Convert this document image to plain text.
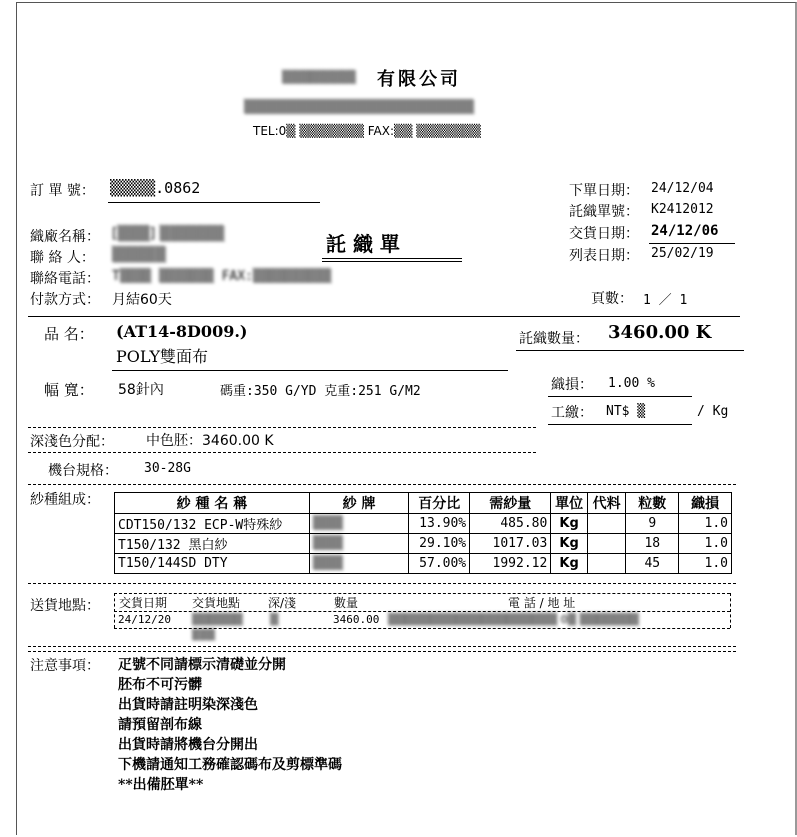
▒▒▒▒▒▒▒▒ 有限公司
▒▒▒▒▒▒▒▒▒▒▒▒▒▒▒▒▒▒▒▒▒▒▒
TEL:0▒ ▒▒▒▒▒▒▒ FAX:▒▒ ▒▒▒▒▒▒▒
訂 單 號： ▒▒▒▒▒.0862
織廠名稱： [▒▒▒] ▒▒▒▒▒▒
聯 絡 人： ▒▒▒▒▒
聯絡電話： T▒▒▒▒ ▒▒▒▒▒▒▒ FAX:▒▒▒▒▒▒▒▒▒▒
付款方式： 月結60天
託 織 單
下單日期： 24/12/04
託織單號： K2412012
交貨日期： 24/12/06
列表日期： 25/02/19
頁數： 1 ／ 1
品 名： (AT14-8D009.)
POLY雙面布
託織數量： 3460.00 K
幅 寬： 58針內	碼重:350 G/YD 克重:251 G/M2	織損： 1.00 %
工繳： NT$ ▒	/ Kg
深淺色分配： 中色胚：3460.00 K
機台規格： 30-28G
紗種組成：	紗 種 名 稱	紗 牌	百分比	需紗量	單位	代料	粒數	織損
CDT150/132 ECP-W特殊紗	▒▒▒	13.90%	485.80	Kg		9	1.0
T150/132 黑白紗	▒▒▒	29.10%	1017.03	Kg		18	1.0
T150/144SD DTY	▒▒▒	57.00%	1992.12	Kg		45	1.0
送貨地點： 交貨日期 交貨地點 深/淺	數量	電 話 / 地 址
24/12/20 ▒▒▒▒▒▒ ▒	3460.00 ▒▒▒▒▒▒▒▒▒▒▒▒▒▒▒▒▒▒▒▒ 0▒ ▒▒▒▒▒▒▒
▒▒▒
注意事項： 疋號不同請標示清礎並分開
胚布不可污髒
出貨時請註明染深淺色
請預留剖布線
出貨時請將機台分開出
下機請通知工務確認碼布及剪標準碼
**出備胚單**
